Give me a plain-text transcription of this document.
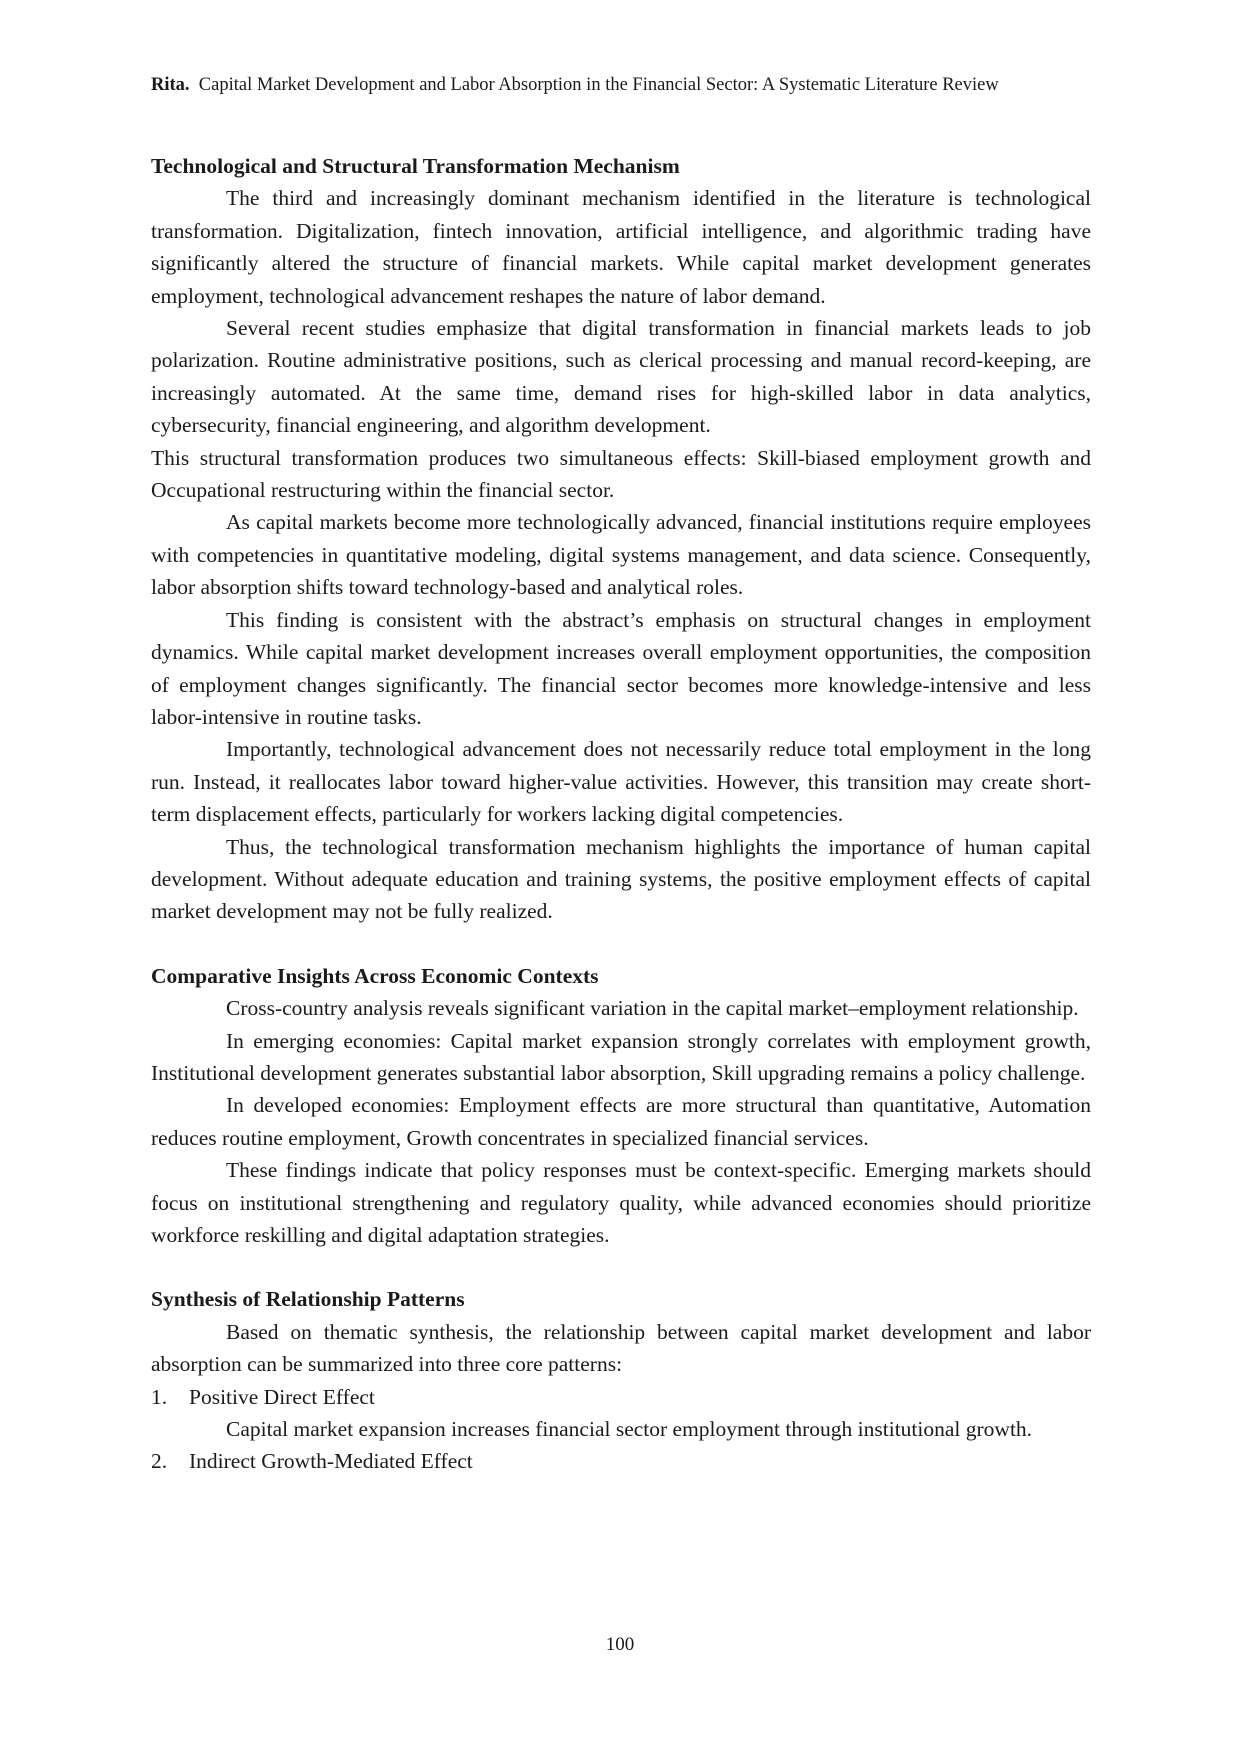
Rita. Capital Market Development and Labor Absorption in the Financial Sector: A Systematic Literature Review
Technological and Structural Transformation Mechanism

The third and increasingly dominant mechanism identified in the literature is technological transformation. Digitalization, fintech innovation, artificial intelligence, and algorithmic trading have significantly altered the structure of financial markets. While capital market development generates employment, technological advancement reshapes the nature of labor demand.

Several recent studies emphasize that digital transformation in financial markets leads to job polarization. Routine administrative positions, such as clerical processing and manual record-keeping, are increasingly automated. At the same time, demand rises for high-skilled labor in data analytics, cybersecurity, financial engineering, and algorithm development.

This structural transformation produces two simultaneous effects: Skill-biased employment growth and Occupational restructuring within the financial sector.

As capital markets become more technologically advanced, financial institutions require employees with competencies in quantitative modeling, digital systems management, and data science. Consequently, labor absorption shifts toward technology-based and analytical roles.

This finding is consistent with the abstract’s emphasis on structural changes in employment dynamics. While capital market development increases overall employment opportunities, the composition of employment changes significantly. The financial sector becomes more knowledge-intensive and less labor-intensive in routine tasks.

Importantly, technological advancement does not necessarily reduce total employment in the long run. Instead, it reallocates labor toward higher-value activities. However, this transition may create short-term displacement effects, particularly for workers lacking digital competencies.

Thus, the technological transformation mechanism highlights the importance of human capital development. Without adequate education and training systems, the positive employment effects of capital market development may not be fully realized.

Comparative Insights Across Economic Contexts

Cross-country analysis reveals significant variation in the capital market–employment relationship.

In emerging economies: Capital market expansion strongly correlates with employment growth, Institutional development generates substantial labor absorption, Skill upgrading remains a policy challenge.

In developed economies: Employment effects are more structural than quantitative, Automation reduces routine employment, Growth concentrates in specialized financial services.

These findings indicate that policy responses must be context-specific. Emerging markets should focus on institutional strengthening and regulatory quality, while advanced economies should prioritize workforce reskilling and digital adaptation strategies.

Synthesis of Relationship Patterns

Based on thematic synthesis, the relationship between capital market development and labor absorption can be summarized into three core patterns:

1.	Positive Direct Effect

Capital market expansion increases financial sector employment through institutional growth.

2.	Indirect Growth-Mediated Effect
100
